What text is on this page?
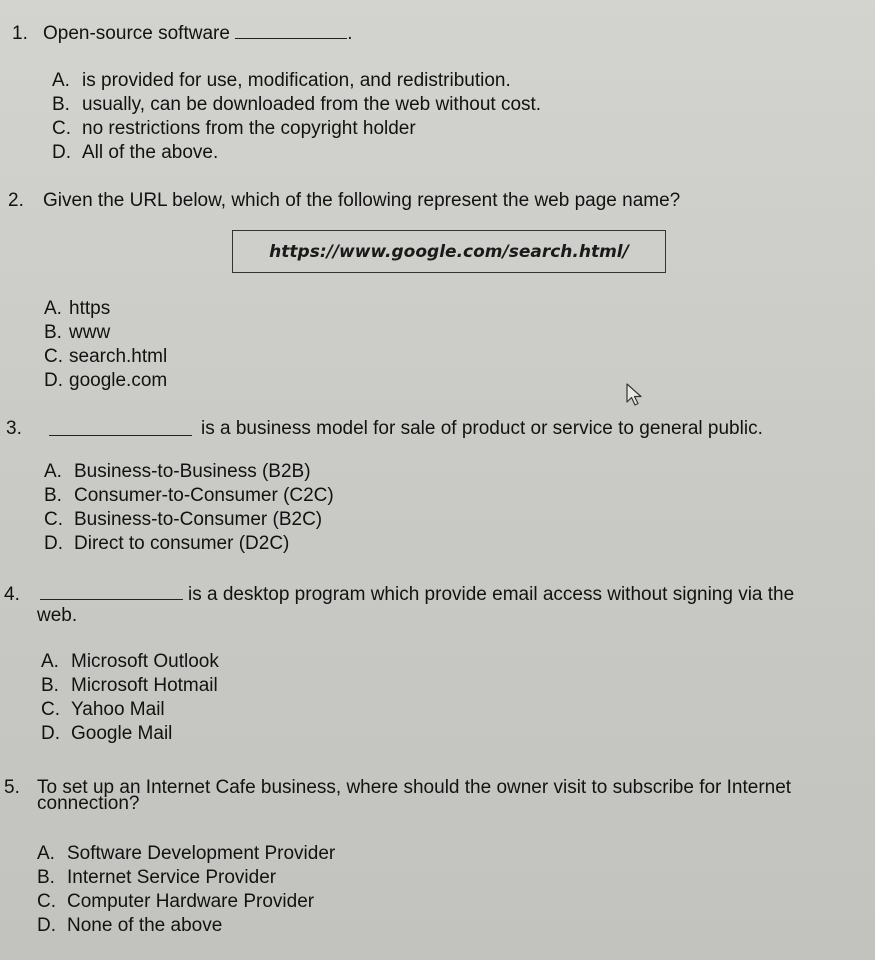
1. Open-source software	.
A. is provided for use, modification, and redistribution.
B. usually, can be downloaded from the web without cost.
C. no restrictions from the copyright holder
D. All of the above.
2. Given the URL below, which of the following represent the web page name?
https://www.google.com/search.html/
A. https
B. www
C. search.html
D. google.com
3.	is a business model for sale of product or service to general public.
A. Business-to-Business (B2B)
B. Consumer-to-Consumer (C2C)
C. Business-to-Consumer (B2C)
D. Direct to consumer (D2C)
4.	is a desktop program which provide email access without signing via the
web.
A. Microsoft Outlook
B. Microsoft Hotmail
C. Yahoo Mail
D. Google Mail
5. To set up an Internet Cafe business, where should the owner visit to subscribe for Internet
connection?
A. Software Development Provider
B. Internet Service Provider
C. Computer Hardware Provider
D. None of the above
